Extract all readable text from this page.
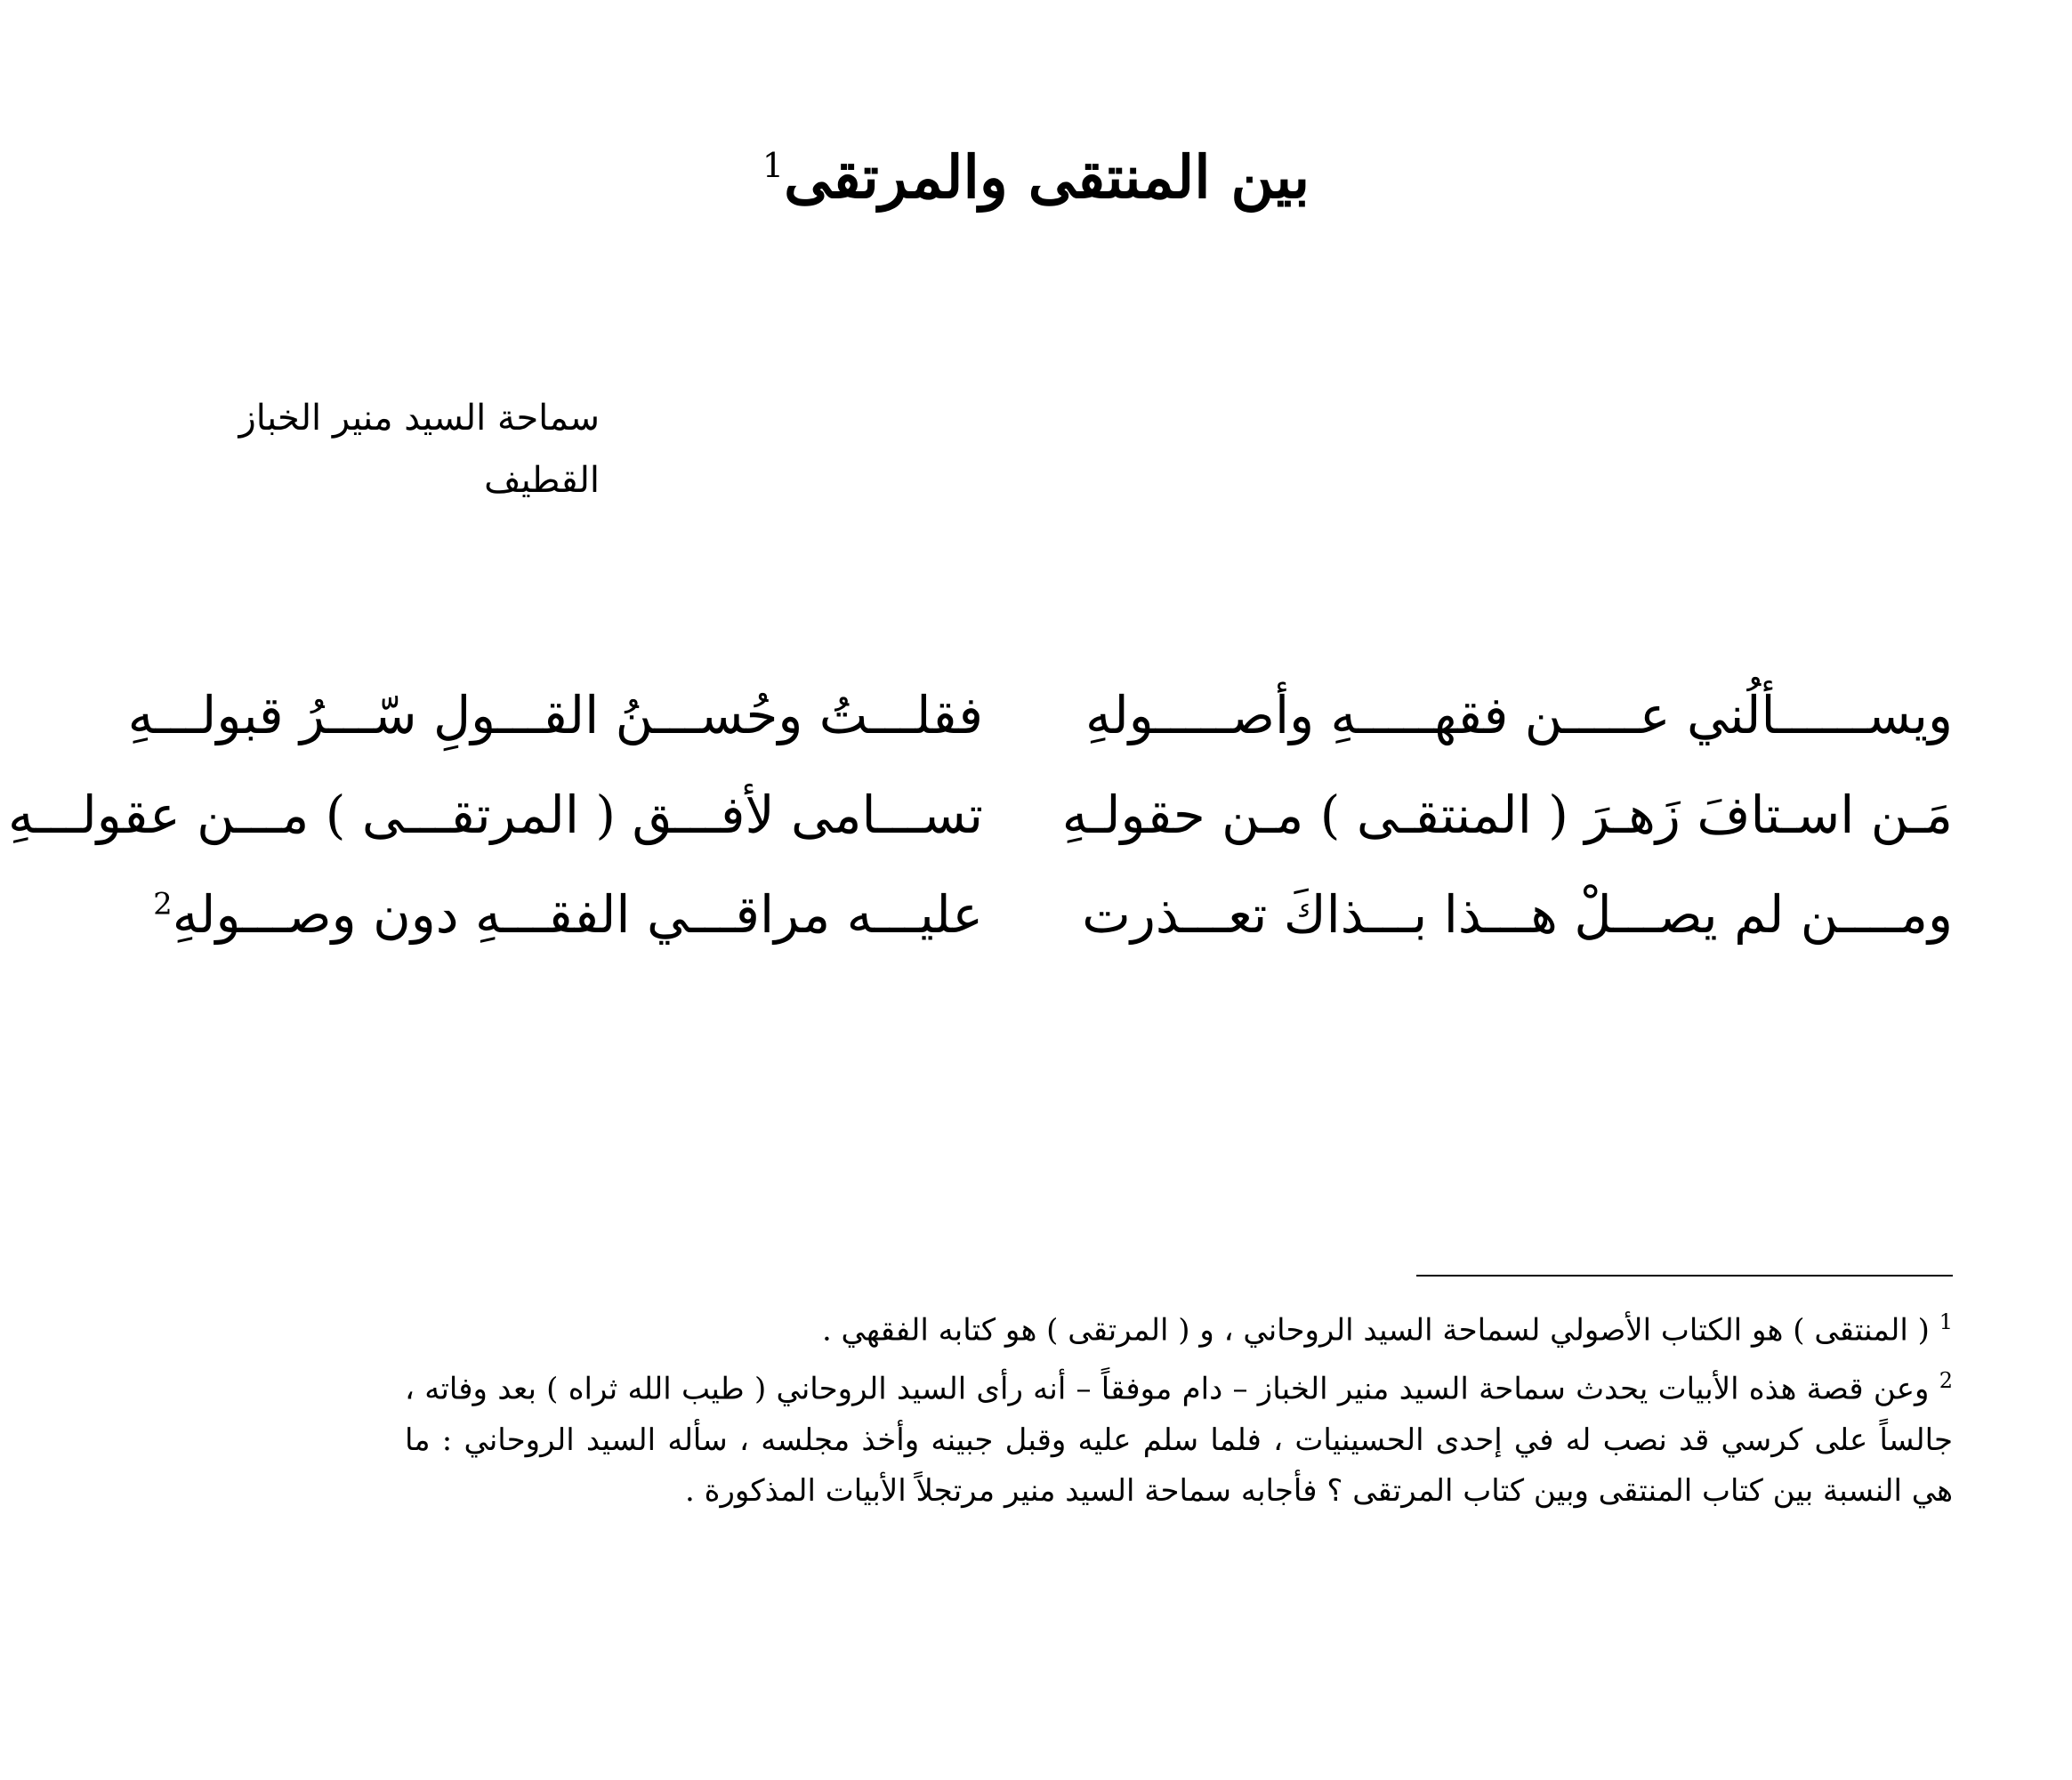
بين المنتقى والمرتقى$^1$
سماحة السيد منير الخباز
القطيف
ويســــــألُني عـــــن فقهـــــهِ وأصـــــولهِ
فقلـــتُ وحُســـنُ القـــولِ سّـــرُ قبولـــهِ
مَـن اسـتافَ زَهـرَ ( المنتقـى ) مـن حقولـهِ
تســـامى لأفـــق ( المرتقـــى ) مـــن عقولـــهِ
ومــــن لم يصـــلْ هـــذا بـــذاكَ تعـــذرت
عليـــه مراقـــي الفقـــهِ دون وصـــولهِ$^2$
$^1$ ( المنتقى ) هو الكتاب الأصولي لسماحة السيد الروحاني ، و ( المرتقى ) هو كتابه الفقهي .
$^2$ وعن قصة هذه الأبيات يحدث سماحة السيد منير الخباز – دام موفقاً – أنه رأى السيد الروحاني ( طيب الله ثراه ) بعد وفاته ، جالساً على كرسي قد نصب له في إحدى الحسينيات ، فلما سلم عليه وقبل جبينه وأخذ مجلسه ، سأله السيد الروحاني : ما هي النسبة بين كتاب المنتقى وبين كتاب المرتقى ؟ فأجابه سماحة السيد منير مرتجلاً الأبيات المذكورة .
